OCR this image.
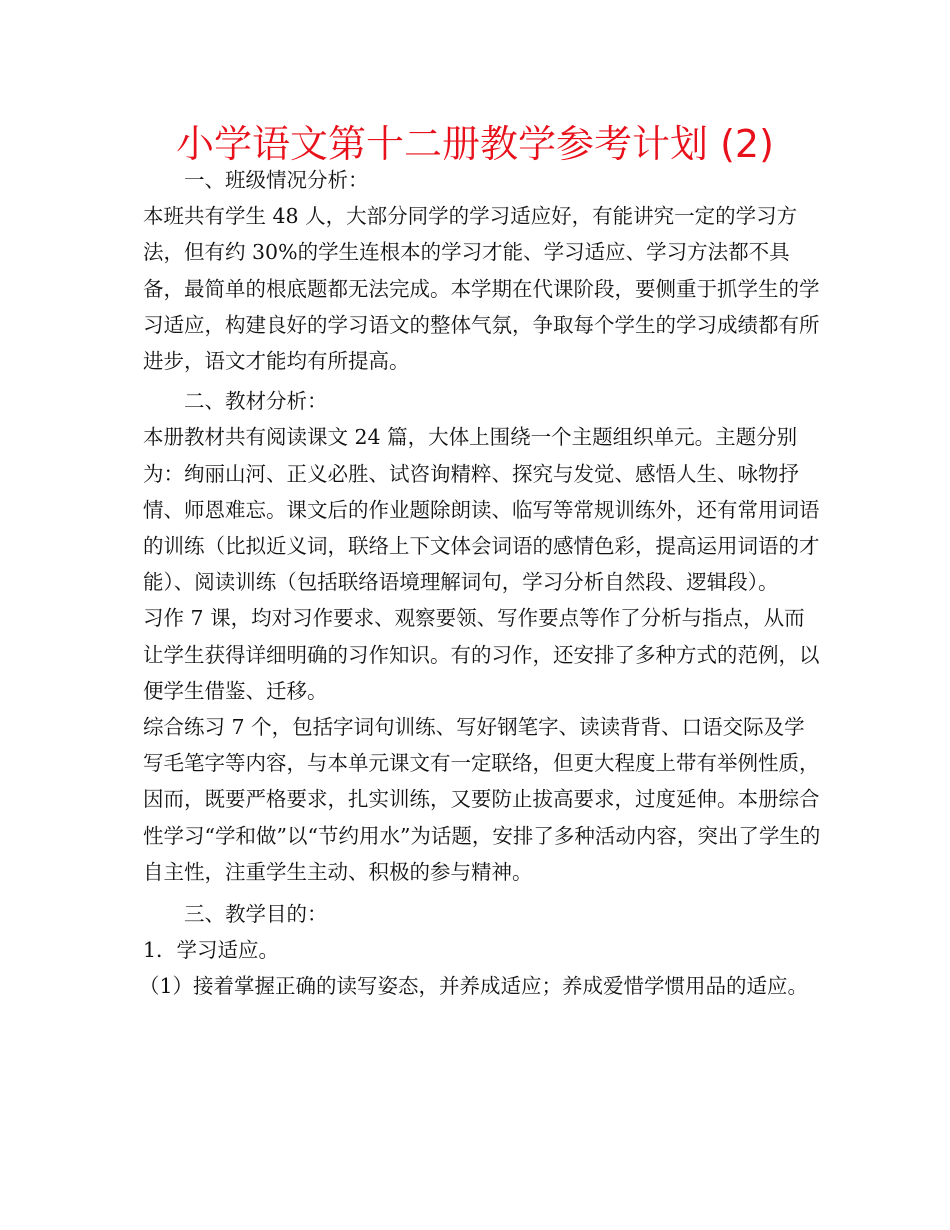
小学语文第十二册教学参考计划 (2)

一、班级情况分析：

本班共有学生 48 人，大部分同学的学习适应好，有能讲究一定的学习方法，但有约 30%的学生连根本的学习才能、学习适应、学习方法都不具备，最简单的根底题都无法完成。本学期在代课阶段，要侧重于抓学生的学习适应，构建良好的学习语文的整体气氛，争取每个学生的学习成绩都有所进步，语文才能均有所提高。

二、教材分析：

本册教材共有阅读课文 24 篇，大体上围绕一个主题组织单元。主题分别为：绚丽山河、正义必胜、试咨询精粹、探究与发觉、感悟人生、咏物抒情、师恩难忘。课文后的作业题除朗读、临写等常规训练外，还有常用词语的训练（比拟近义词，联络上下文体会词语的感情色彩，提高运用词语的才能）、阅读训练（包括联络语境理解词句，学习分析自然段、逻辑段）。

习作 7 课，均对习作要求、观察要领、写作要点等作了分析与指点，从而让学生获得详细明确的习作知识。有的习作，还安排了多种方式的范例，以便学生借鉴、迁移。

综合练习 7 个，包括字词句训练、写好钢笔字、读读背背、口语交际及学写毛笔字等内容，与本单元课文有一定联络，但更大程度上带有举例性质，因而，既要严格要求，扎实训练，又要防止拔高要求，过度延伸。本册综合性学习“学和做”以“节约用水”为话题，安排了多种活动内容，突出了学生的自主性，注重学生主动、积极的参与精神。

三、教学目的：

1．学习适应。

（1）接着掌握正确的读写姿态，并养成适应；养成爱惜学惯用品的适应。
